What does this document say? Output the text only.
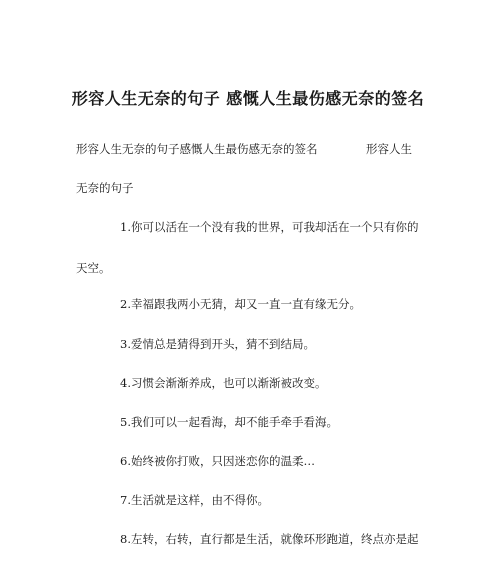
形容人生无奈的句子 感慨人生最伤感无奈的签名
形容人生无奈的句子感慨人生最伤感无奈的签名	形容人生
无奈的句子
1.你可以活在一个没有我的世界，可我却活在一个只有你的
天空。
2.幸福跟我两小无猜，却又一直一直有缘无分。
3.爱情总是猜得到开头，猜不到结局。
4.习惯会渐渐养成，也可以渐渐被改变。
5.我们可以一起看海，却不能手牵手看海。
6.始终被你打败，只因迷恋你的温柔…
7.生活就是这样，由不得你。
8.左转，右转，直行都是生活，就像环形跑道，终点亦是起
